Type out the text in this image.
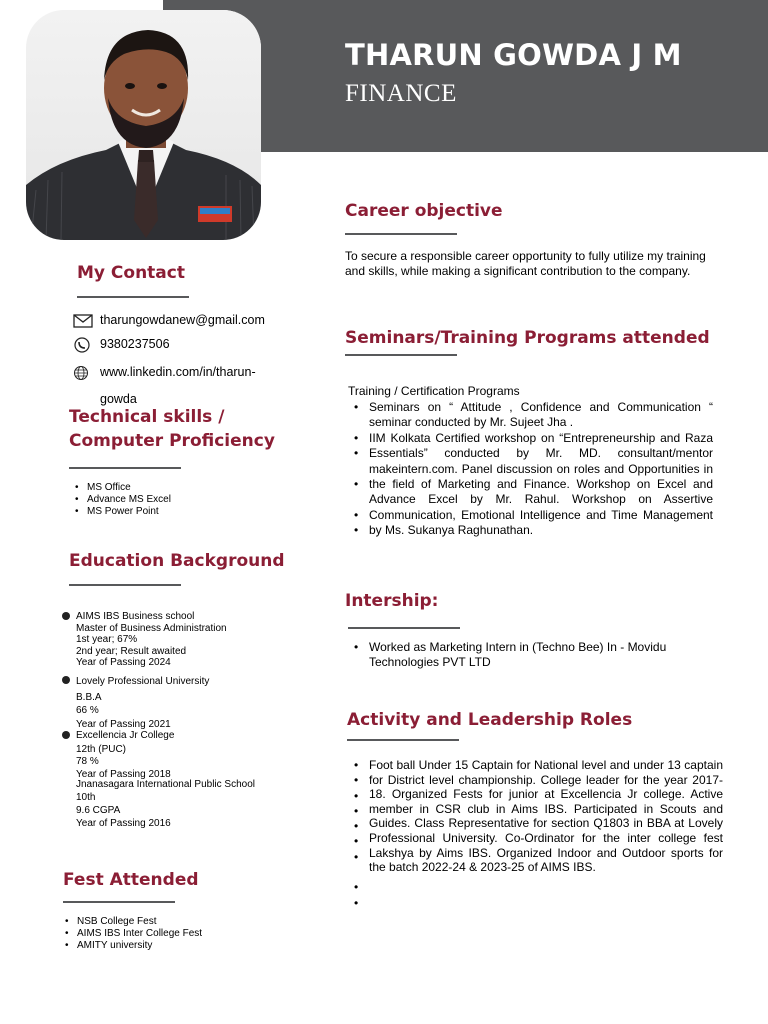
THARUN GOWDA J M
FINANCE
My Contact
tharungowdanew@gmail.com
9380237506
www.linkedin.com/in/tharun-
gowda
Technical skills /
Computer Proficiency
• MS Office
• Advance MS Excel
• MS Power Point
Education Background
AIMS IBS Business school
Master of Business Administration
1st year; 67%
2nd year; Result awaited
Year of Passing 2024
Lovely Professional University
B.B.A
66 %
Year of Passing 2021
Excellencia Jr College
12th (PUC)
78 %
Year of Passing 2018
Jnanasagara International Public School
10th
9.6 CGPA
Year of Passing 2016
Fest Attended
• NSB College Fest
• AIMS IBS Inter College Fest
• AMITY university
Career objective
To secure a responsible career opportunity to fully utilize my training and skills, while making a significant contribution to the company.
Seminars/Training Programs attended
Training / Certification Programs
•

•
•

•

•
•
Seminars on “ Attitude , Confidence and Communication “ seminar conducted by Mr. Sujeet Jha .
IIM Kolkata Certified workshop on “Entrepreneurship and Raza Essentials” conducted by Mr. MD. consultant/mentor makeintern.com. Panel discussion on roles and Opportunities in the field of Marketing and Finance. Workshop on Excel and Advance Excel by Mr. Rahul. Workshop on Assertive Communication, Emotional Intelligence and Time Management by Ms. Sukanya Raghunathan.
Intership:
• Worked as Marketing Intern in (Techno Bee) In - Movidu Technologies PVT LTD
Activity and Leadership Roles
•
•
•
•
•
•
•

•
•
Foot ball Under 15 Captain for National level and under 13 captain for District level championship. College leader for the year 2017-18. Organized Fests for junior at Excellencia Jr college. Active member in CSR club in Aims IBS. Participated in Scouts and Guides. Class Representative for section Q1803 in BBA at Lovely Professional University. Co-Ordinator for the inter college fest Lakshya by Aims IBS. Organized Indoor and Outdoor sports for the batch 2022-24 & 2023-25 of AIMS IBS.
